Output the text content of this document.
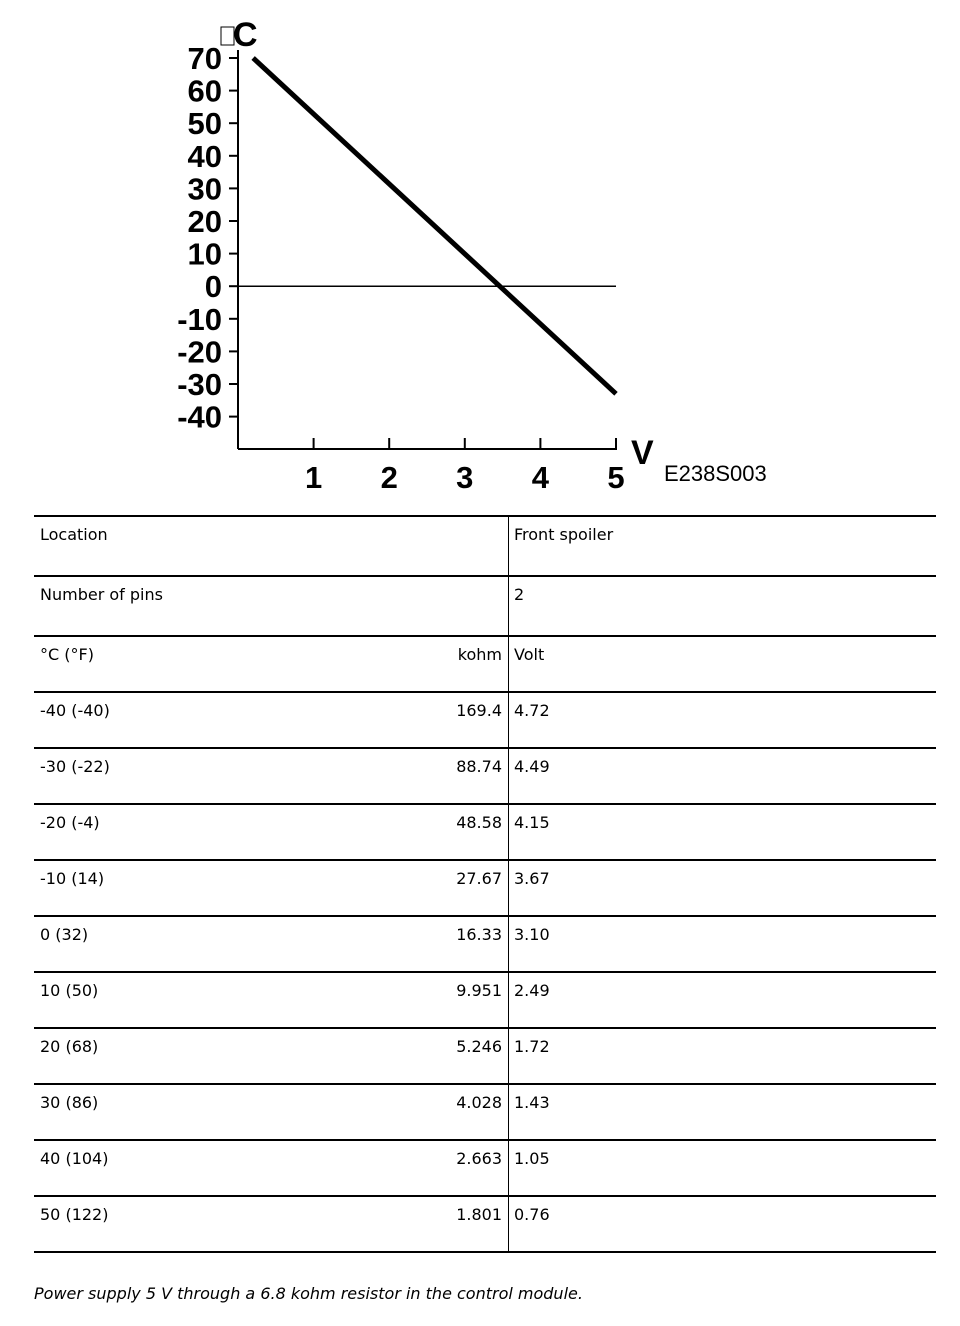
70
60
50
40
30
20
10
0
-10
-20
-30
-40
1 2 3 4 5
C
V
E238S003
Location	Front spoiler

Number of pins	2

°C (°F) kohm	Volt

-40 (-40) 169.4	4.72

-30 (-22) 88.74	4.49

-20 (-4) 48.58	4.15

-10 (14) 27.67	3.67

0 (32) 16.33	3.10

10 (50) 9.951	2.49

20 (68) 5.246	1.72

30 (86) 4.028	1.43

40 (104) 2.663	1.05

50 (122) 1.801	0.76
Power supply 5 V through a 6.8 kohm resistor in the control module.
